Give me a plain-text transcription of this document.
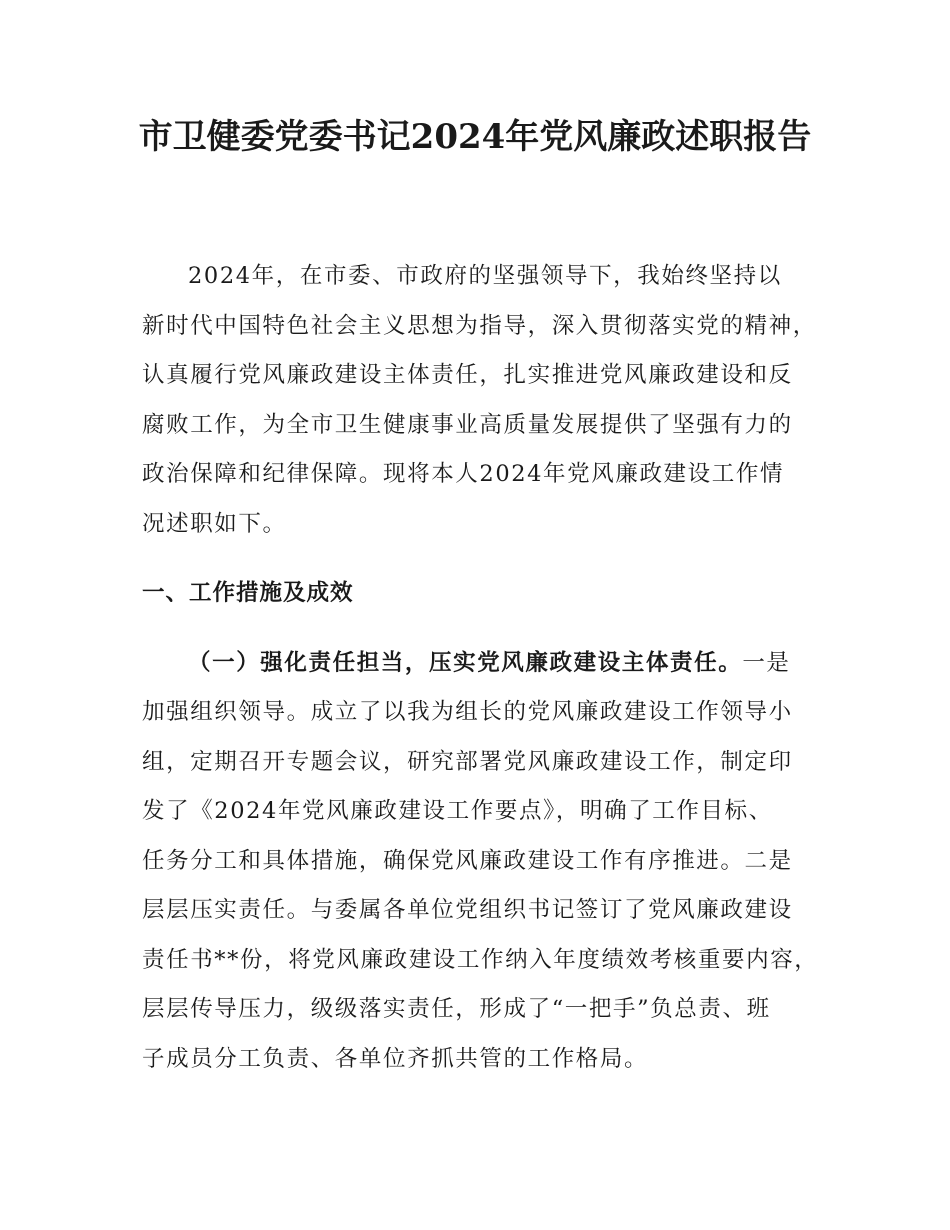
市卫健委党委书记2024年党风廉政述职报告

2024年，在市委、市政府的坚强领导下，我始终坚持以

新时代中国特色社会主义思想为指导，深入贯彻落实党的精神，

认真履行党风廉政建设主体责任，扎实推进党风廉政建设和反

腐败工作，为全市卫生健康事业高质量发展提供了坚强有力的

政治保障和纪律保障。现将本人2024年党风廉政建设工作情

况述职如下。

一、工作措施及成效

（一）强化责任担当，压实党风廉政建设主体责任。一是

加强组织领导。成立了以我为组长的党风廉政建设工作领导小

组，定期召开专题会议，研究部署党风廉政建设工作，制定印

发了《2024年党风廉政建设工作要点》，明确了工作目标、

任务分工和具体措施，确保党风廉政建设工作有序推进。二是

层层压实责任。与委属各单位党组织书记签订了党风廉政建设

责任书**份，将党风廉政建设工作纳入年度绩效考核重要内容，

层层传导压力，级级落实责任，形成了“一把手”负总责、班

子成员分工负责、各单位齐抓共管的工作格局。
